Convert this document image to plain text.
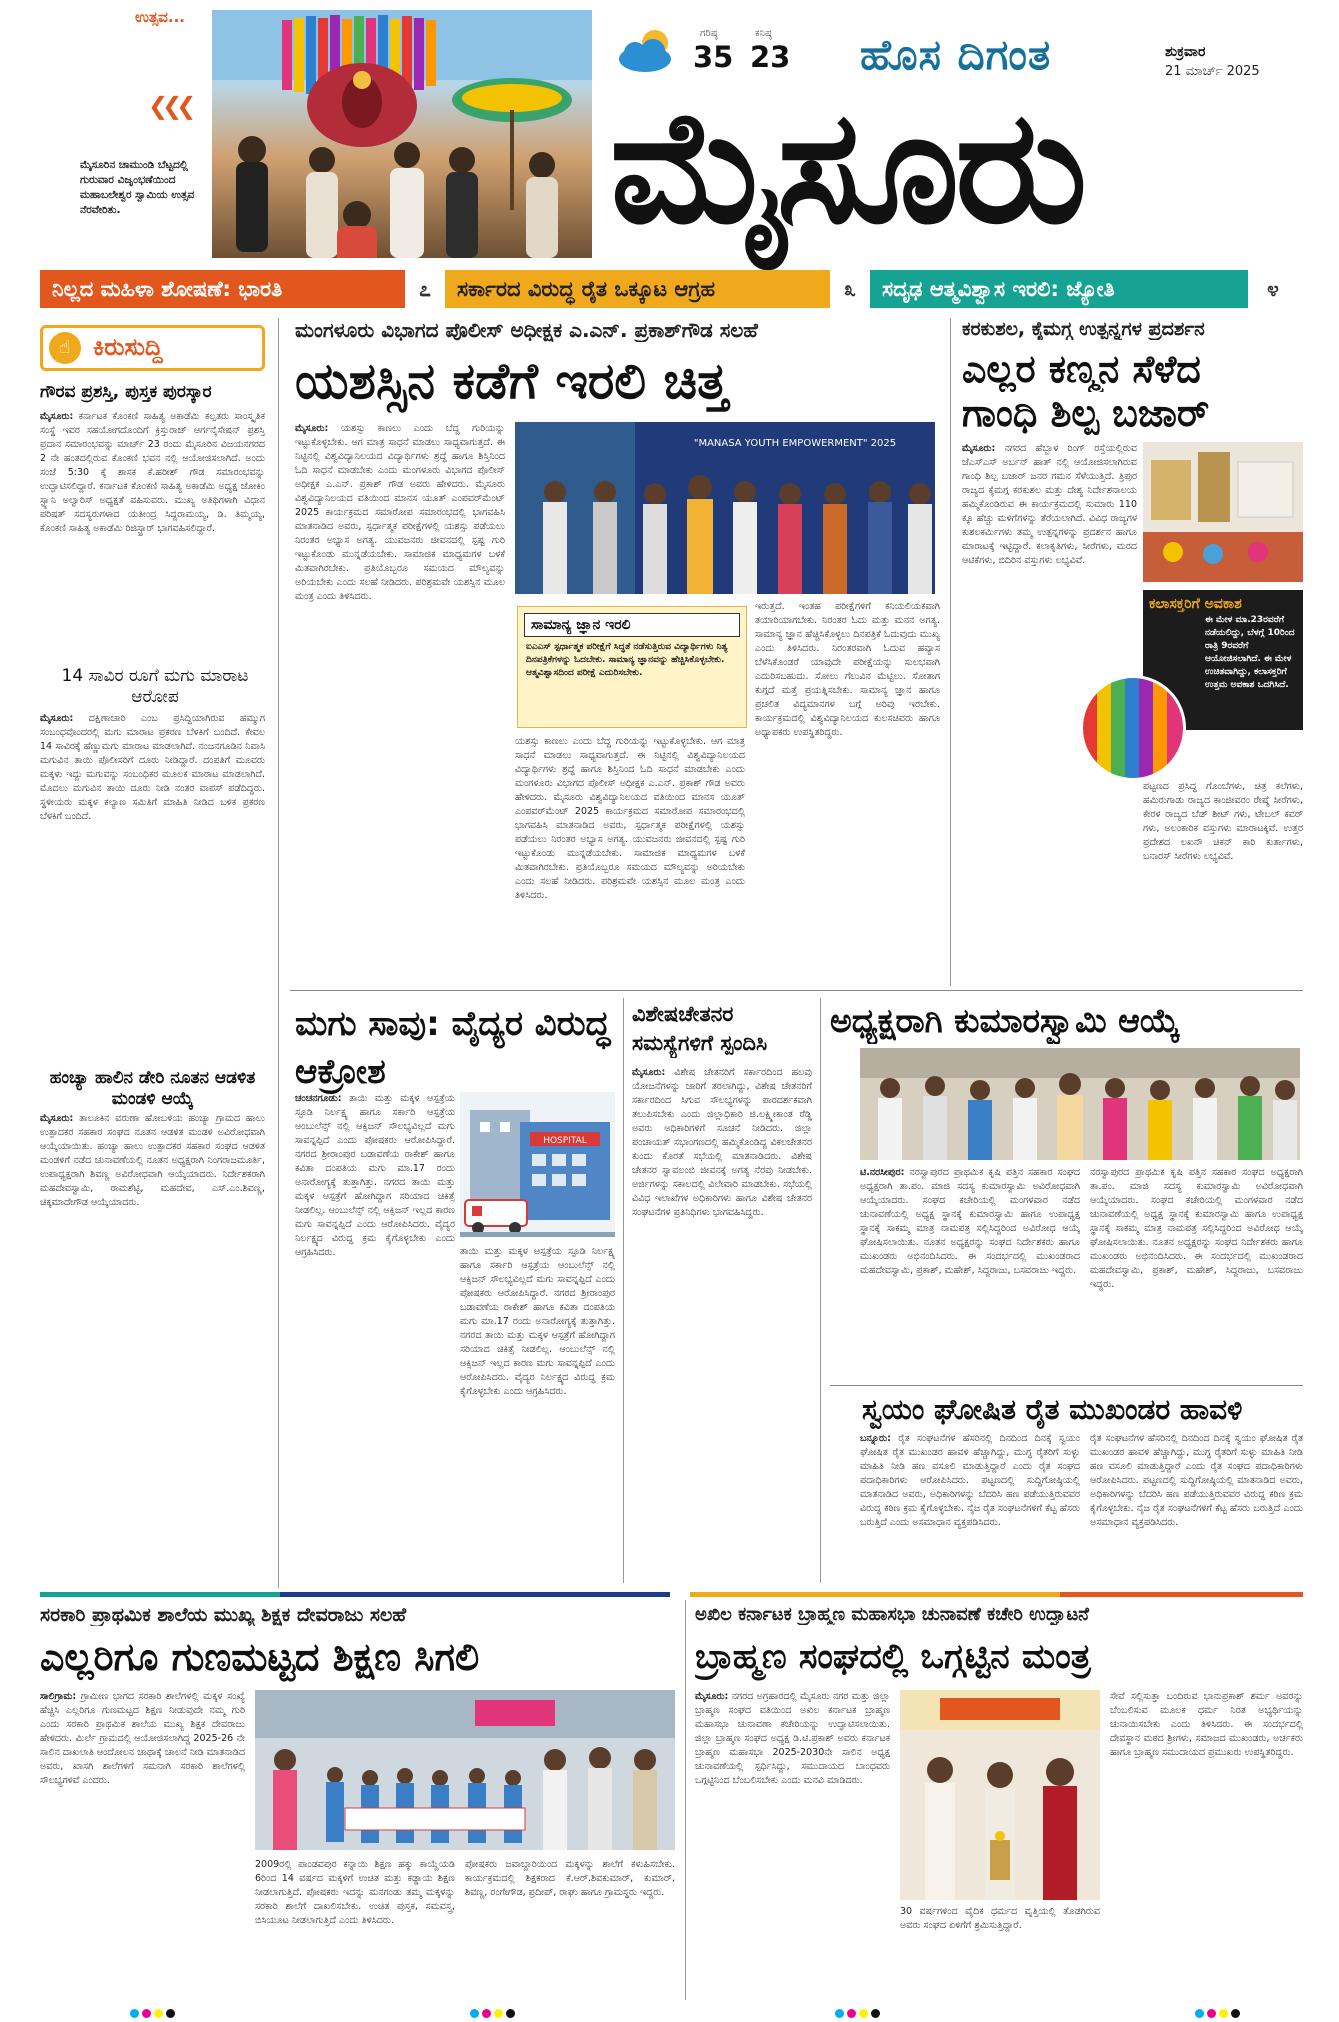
ಉತ್ಸವ...
❮❮❮
ಮೈಸೂರಿನ ಚಾಮುಂಡಿ ಬೆಟ್ಟದಲ್ಲಿ ಗುರುವಾರ ವಿಜೃಂಭಣೆಯಿಂದ ಮಹಾಬಲೇಶ್ವರ ಸ್ವಾಮಿಯ ಉತ್ಸವ ನೆರವೇರಿತು.
ಗರಿಷ್ಠ
35
ಕನಿಷ್ಠ
23 ಹೊಸ ದಿಗಂತ	ಶುಕ್ರವಾರ
21 ಮಾರ್ಚ್ 2025
ಮೈಸೂರು
ನಿಲ್ಲದ ಮಹಿಳಾ ಶೋಷಣೆ: ಭಾರತಿ	೭	ಸರ್ಕಾರದ ವಿರುದ್ಧ ರೈತ ಒಕ್ಕೂಟ ಆಗ್ರಹ	೩	ಸದೃಢ ಆತ್ಮವಿಶ್ವಾಸ ಇರಲಿ: ಜ್ಯೋತಿ	೪
☝ ಕಿರುಸುದ್ದಿ
ಗೌರವ ಪ್ರಶಸ್ತಿ, ಪುಸ್ತಕ ಪುರಸ್ಕಾರ
ಮೈಸೂರು: ಕರ್ನಾಟಕ ಕೊಂಕಣಿ ಸಾಹಿತ್ಯ ಅಕಾಡೆಮಿ ಕಲ್ಪತರು ಸಾಂಸ್ಕೃತಿಕ ಸಂಸ್ಥೆ ಇವರ ಸಹಯೋಗದೊಂದಿಗೆ ಕ್ರಿಸ್ತುರಾಜ್ ಆರ್ಗನೈಸೇಷನ್ ಪ್ರಶಸ್ತಿ ಪ್ರದಾನ ಸಮಾರಂಭವನ್ನು ಮಾರ್ಚ್ 23 ರಂದು ಮೈಸೂರಿನ ವಿಜಯನಗರದ 2 ನೇ ಹಂತದಲ್ಲಿರುವ ಕೊಂಕಣಿ ಭವನ ನಲ್ಲಿ ಆಯೋಜಿಸಲಾಗಿದೆ. ಅಂದು ಸಂಜೆ 5:30 ಕ್ಕೆ ಶಾಸಕ ಕೆ.ಹರೀಶ್ ಗೌಡ ಸಮಾರಂಭವನ್ನು ಉದ್ಘಾಟಿಸಲಿದ್ದಾರೆ. ಕರ್ನಾಟಕ ಕೊಂಕಣಿ ಸಾಹಿತ್ಯ ಅಕಾಡೆಮಿ ಅಧ್ಯಕ್ಷ ಜೋಕಿಂ ಸ್ಟ್ಯಾನಿ ಅಲ್ವಾರಿಸ್ ಅಧ್ಯಕ್ಷತೆ ವಹಿಸುವರು. ಮುಖ್ಯ ಅತಿಥಿಗಳಾಗಿ ವಿಧಾನ ಪರಿಷತ್ ಸದಸ್ಯರುಗಳಾದ ಯತೀಂದ್ರ ಸಿದ್ದರಾಮಯ್ಯ, ಡಿ. ತಿಮ್ಮಯ್ಯ, ಕೊಂಕಣಿ ಸಾಹಿತ್ಯ ಅಕಾಡೆಮಿ ರಿಜಿಸ್ಟ್ರಾರ್ ಭಾಗವಹಿಸಲಿದ್ದಾರೆ.
14 ಸಾವಿರ ರೂಗೆ ಮಗು ಮಾರಾಟ ಆರೋಪ
ಮೈಸೂರು: ದಕ್ಷಿಣಾಚಾರಿ ಎಂಬ ಪ್ರಸಿದ್ಧಿಯಾಗಿರುವ ಹಮ್ಮುಗ ಸಂಬಂಧವೊಂದರಲ್ಲಿ ಮಗು ಮಾರಾಟ ಪ್ರಕರಣ ಬೆಳಕಿಗೆ ಬಂದಿದೆ. ಕೇವಲ 14 ಸಾವಿರಕ್ಕೆ ಹೆಣ್ಣುಮಗು ಮಾರಾಟ ಮಾಡಲಾಗಿದೆ. ನಂಜನಗೂಡಿನ ನಿವಾಸಿ ಮಗುವಿನ ತಾಯಿ ಪೊಲೀಸರಿಗೆ ದೂರು ನೀಡಿದ್ದಾರೆ. ದಂಪತಿಗೆ ಮೂವರು ಮಕ್ಕಳು ಇದ್ದು ಮಗುವನ್ನು ಸಂಬಂಧಿಕರ ಮೂಲಕ ಮಾರಾಟ ಮಾಡಲಾಗಿದೆ. ಮೊದಲು ಮಗುವಿನ ತಾಯಿ ದೂರು ನೀಡಿ ನಂತರ ವಾಪಸ್ ಪಡೆದಿದ್ದರು. ಸ್ಥಳೀಯರು ಮಕ್ಕಳ ಕಲ್ಯಾಣ ಸಮಿತಿಗೆ ಮಾಹಿತಿ ನೀಡಿದ ಬಳಿಕ ಪ್ರಕರಣ ಬೆಳಕಿಗೆ ಬಂದಿದೆ.
ಹಂಚ್ಯಾ ಹಾಲಿನ ಡೇರಿ ನೂತನ ಆಡಳಿತ ಮಂಡಳಿ ಆಯ್ಕೆ
ಮೈಸೂರು: ತಾಲೂಕಿನ ವರುಣಾ ಹೋಬಳಿಯ ಹಂಚ್ಯಾ ಗ್ರಾಮದ ಹಾಲು ಉತ್ಪಾದಕರ ಸಹಕಾರ ಸಂಘದ ನೂತನ ಆಡಳಿತ ಮಂಡಳಿ ಅವಿರೋಧವಾಗಿ ಆಯ್ಕೆಯಾಯಿತು. ಹಂಚ್ಯಾ ಹಾಲು ಉತ್ಪಾದಕರ ಸಹಕಾರ ಸಂಘದ ಆಡಳಿತ ಮಂಡಳಿಗೆ ನಡೆದ ಚುನಾವಣೆಯಲ್ಲಿ ನೂತನ ಅಧ್ಯಕ್ಷರಾಗಿ ನಿಂಗರಾಜಮೂರ್ತಿ, ಉಪಾಧ್ಯಕ್ಷರಾಗಿ ಶಿವಣ್ಣ ಅವಿರೋಧವಾಗಿ ಆಯ್ಕೆಯಾದರು. ನಿರ್ದೇಶಕರಾಗಿ ಮಹದೇವಸ್ವಾಮಿ, ರಾಮಶೆಟ್ಟಿ, ಮಹದೇವ, ಎಸ್.ಎಂ.ಶಿವಣ್ಣ, ಚಿಕ್ಕಮಾದೇಗೌಡ ಆಯ್ಕೆಯಾದರು.
ಮಂಗಳೂರು ವಿಭಾಗದ ಪೊಲೀಸ್ ಅಧೀಕ್ಷಕ ಎ.ಎನ್. ಪ್ರಕಾಶ್‌ಗೌಡ ಸಲಹೆ
ಯಶಸ್ಸಿನ ಕಡೆಗೆ ಇರಲಿ ಚಿತ್ತ
ಮೈಸೂರು: ಯಶಸ್ಸು ಕಾಣಲು ಎಂದು ಬೆದ್ದ ಗುರಿಯನ್ನು ಇಟ್ಟುಕೊಳ್ಳಬೇಕು. ಆಗ ಮಾತ್ರ ಸಾಧನೆ ಮಾಡಲು ಸಾಧ್ಯವಾಗುತ್ತದೆ. ಈ ನಿಟ್ಟಿನಲ್ಲಿ ವಿಶ್ವವಿದ್ಯಾನಿಲಯದ ವಿದ್ಯಾರ್ಥಿಗಳು ಶ್ರದ್ಧೆ ಹಾಗೂ ಶಿಸ್ತಿನಿಂದ ಓದಿ ಸಾಧನೆ ಮಾಡಬೇಕು ಎಂದು ಮಂಗಳೂರು ವಿಭಾಗದ ಪೊಲೀಸ್ ಅಧೀಕ್ಷಕ ಎ.ಎನ್. ಪ್ರಕಾಶ್ ಗೌಡ ಅವರು ಹೇಳಿದರು. ಮೈಸೂರು ವಿಶ್ವವಿದ್ಯಾನಿಲಯದ ವತಿಯಿಂದ ಮಾನಸ ಯೂತ್ ಎಂಪವರ್‌ಮೆಂಟ್ 2025 ಕಾರ್ಯಕ್ರಮದ ಸಮಾರೋಪ ಸಮಾರಂಭದಲ್ಲಿ ಭಾಗವಹಿಸಿ ಮಾತನಾಡಿದ ಅವರು, ಸ್ಪರ್ಧಾತ್ಮಕ ಪರೀಕ್ಷೆಗಳಲ್ಲಿ ಯಶಸ್ಸು ಪಡೆಯಲು ನಿರಂತರ ಅಭ್ಯಾಸ ಅಗತ್ಯ. ಯುವಜನರು ಜೀವನದಲ್ಲಿ ಸ್ಪಷ್ಟ ಗುರಿ ಇಟ್ಟುಕೊಂಡು ಮುನ್ನಡೆಯಬೇಕು. ಸಾಮಾಜಿಕ ಮಾಧ್ಯಮಗಳ ಬಳಕೆ ಮಿತವಾಗಿರಬೇಕು. ಪ್ರತಿಯೊಬ್ಬರೂ ಸಮಯದ ಮೌಲ್ಯವನ್ನು ಅರಿಯಬೇಕು ಎಂದು ಸಲಹೆ ನೀಡಿದರು. ಪರಿಶ್ರಮವೇ ಯಶಸ್ಸಿನ ಮೂಲ ಮಂತ್ರ ಎಂದು ತಿಳಿಸಿದರು.
"MANASA YOUTH EMPOWERMENT" 2025
ಸಾಮಾನ್ಯ ಜ್ಞಾನ ಇರಲಿ
ಐಎಎಸ್ ಸ್ಪರ್ಧಾತ್ಮಕ ಪರೀಕ್ಷೆಗೆ ಸಿದ್ಧತೆ ನಡೆಸುತ್ತಿರುವ ವಿದ್ಯಾರ್ಥಿಗಳು ನಿತ್ಯ ದಿನಪತ್ರಿಕೆಗಳನ್ನು ಓದಬೇಕು. ಸಾಮಾನ್ಯ ಜ್ಞಾನವನ್ನು ಹೆಚ್ಚಿಸಿಕೊಳ್ಳಬೇಕು. ಆತ್ಮವಿಶ್ವಾಸದಿಂದ ಪರೀಕ್ಷೆ ಎದುರಿಸಬೇಕು.
ಯಶಸ್ಸು ಕಾಣಲು ಎಂದು ಬೆದ್ದ ಗುರಿಯನ್ನು ಇಟ್ಟುಕೊಳ್ಳಬೇಕು. ಆಗ ಮಾತ್ರ ಸಾಧನೆ ಮಾಡಲು ಸಾಧ್ಯವಾಗುತ್ತದೆ. ಈ ನಿಟ್ಟಿನಲ್ಲಿ ವಿಶ್ವವಿದ್ಯಾನಿಲಯದ ವಿದ್ಯಾರ್ಥಿಗಳು ಶ್ರದ್ಧೆ ಹಾಗೂ ಶಿಸ್ತಿನಿಂದ ಓದಿ ಸಾಧನೆ ಮಾಡಬೇಕು ಎಂದು ಮಂಗಳೂರು ವಿಭಾಗದ ಪೊಲೀಸ್ ಅಧೀಕ್ಷಕ ಎ.ಎನ್. ಪ್ರಕಾಶ್ ಗೌಡ ಅವರು ಹೇಳಿದರು. ಮೈಸೂರು ವಿಶ್ವವಿದ್ಯಾನಿಲಯದ ವತಿಯಿಂದ ಮಾನಸ ಯೂತ್ ಎಂಪವರ್‌ಮೆಂಟ್ 2025 ಕಾರ್ಯಕ್ರಮದ ಸಮಾರೋಪ ಸಮಾರಂಭದಲ್ಲಿ ಭಾಗವಹಿಸಿ ಮಾತನಾಡಿದ ಅವರು, ಸ್ಪರ್ಧಾತ್ಮಕ ಪರೀಕ್ಷೆಗಳಲ್ಲಿ ಯಶಸ್ಸು ಪಡೆಯಲು ನಿರಂತರ ಅಭ್ಯಾಸ ಅಗತ್ಯ. ಯುವಜನರು ಜೀವನದಲ್ಲಿ ಸ್ಪಷ್ಟ ಗುರಿ ಇಟ್ಟುಕೊಂಡು ಮುನ್ನಡೆಯಬೇಕು. ಸಾಮಾಜಿಕ ಮಾಧ್ಯಮಗಳ ಬಳಕೆ ಮಿತವಾಗಿರಬೇಕು. ಪ್ರತಿಯೊಬ್ಬರೂ ಸಮಯದ ಮೌಲ್ಯವನ್ನು ಅರಿಯಬೇಕು ಎಂದು ಸಲಹೆ ನೀಡಿದರು. ಪರಿಶ್ರಮವೇ ಯಶಸ್ಸಿನ ಮೂಲ ಮಂತ್ರ ಎಂದು ತಿಳಿಸಿದರು.
ಇರುತ್ತದೆ. ಇಂತಹ ಪರೀಕ್ಷೆಗಳಿಗೆ ಕನಿಯಲಿಯಕವಾಗಿ ತಯಾರಿಯಾಗಬೇಕು. ನಿರಂತರ ಓದು ಮತ್ತು ಮನನ ಅಗತ್ಯ. ಸಾಮಾನ್ಯ ಜ್ಞಾನ ಹೆಚ್ಚಿಸಿಕೊಳ್ಳಲು ದಿನಪತ್ರಿಕೆ ಓದುವುದು ಮುಖ್ಯ ಎಂದು ತಿಳಿಸಿದರು. ನಿರಂತರವಾಗಿ ಓದುವ ಹವ್ಯಾಸ ಬೆಳೆಸಿಕೊಂಡರೆ ಯಾವುದೇ ಪರೀಕ್ಷೆಯನ್ನು ಸುಲಭವಾಗಿ ಎದುರಿಸಬಹುದು. ಸೋಲು ಗೆಲುವಿನ ಮೆಟ್ಟಿಲು. ಸೋತಾಗ ಕುಗ್ಗದೆ ಮತ್ತೆ ಪ್ರಯತ್ನಿಸಬೇಕು. ಸಾಮಾನ್ಯ ಜ್ಞಾನ ಹಾಗೂ ಪ್ರಚಲಿತ ವಿದ್ಯಮಾನಗಳ ಬಗ್ಗೆ ಅರಿವು ಇರಬೇಕು. ಕಾರ್ಯಕ್ರಮದಲ್ಲಿ ವಿಶ್ವವಿದ್ಯಾನಿಲಯದ ಕುಲಸಚಿವರು ಹಾಗೂ ಅಧ್ಯಾಪಕರು ಉಪಸ್ಥಿತರಿದ್ದರು.
ಕರಕುಶಲ, ಕೈಮಗ್ಗ ಉತ್ಪನ್ನಗಳ ಪ್ರದರ್ಶನ
ಎಲ್ಲರ ಕಣ್ಮನ ಸೆಳೆದ
ಗಾಂಧಿ ಶಿಲ್ಪ ಬಜಾರ್
ಮೈಸೂರು: ನಗರದ ಹೆಬ್ಬಾಳ ರಿಂಗ್ ರಸ್ತೆಯಲ್ಲಿರುವ ಜೆಎಸ್‌ಎಸ್ ಅರ್ಬನ್ ಹಾತ್ ನಲ್ಲಿ ಆಯೋಜಿಸಲಾಗಿರುವ ಗಾಂಧಿ ಶಿಲ್ಪ ಬಜಾರ್ ಜನರ ಗಮನ ಸೆಳೆಯುತ್ತಿದೆ. ತ್ರಿಪುರ ರಾಜ್ಯದ ಕೈಮಗ್ಗ ಕರಕುಶಲ ಮತ್ತು ದೇಶ್ಯ ನಿರ್ದೇಶನಾಲಯ ಹಮ್ಮಿಕೊಂಡಿರುವ ಈ ಕಾರ್ಯಕ್ರಮದಲ್ಲಿ ಸುಮಾರು 110 ಕ್ಕೂ ಹೆಚ್ಚು ಮಳಿಗೆಗಳನ್ನು ತೆರೆಯಲಾಗಿದೆ. ವಿವಿಧ ರಾಜ್ಯಗಳ ಕುಶಲಕರ್ಮಿಗಳು ತಮ್ಮ ಉತ್ಪನ್ನಗಳನ್ನು ಪ್ರದರ್ಶನ ಹಾಗೂ ಮಾರಾಟಕ್ಕೆ ಇಟ್ಟಿದ್ದಾರೆ. ಕಲಾಕೃತಿಗಳು, ಸೀರೆಗಳು, ಮರದ ಆಟಿಕೆಗಳು, ಬಿದಿರಿನ ವಸ್ತುಗಳು ಲಭ್ಯವಿವೆ.
ಕಲಾಸಕ್ತರಿಗೆ ಅವಕಾಶ
ಈ ಮೇಳ ಮಾ.23ರವರೆಗೆ ನಡೆಯಲಿದ್ದು, ಬೆಳಗ್ಗೆ 10ರಿಂದ ರಾತ್ರಿ 9ರವರೆಗೆ ಆಯೋಜಿಸಲಾಗಿದೆ. ಈ ಮೇಳ ಉಚಿತವಾಗಿದ್ದು, ಕಲಾಸಕ್ತರಿಗೆ ಉತ್ತಮ ಅವಕಾಶ ಒದಗಿಸಿದೆ.
ಪಟ್ಟಣದ ಪ್ರಸಿದ್ಧ ಗೊಂಬೆಗಳು, ಚಿತ್ರ ಕಲೆಗಳು, ಹಮಿರುಗಾಡು ರಾಜ್ಯದ ಕಾಂಜೀವರಂ ರೇಷ್ಮೆ ಸೀರೆಗಳು, ಕೇರಳ ರಾಜ್ಯದ ಬೆಡ್ ಶೀಟ್ ಗಳು, ಟೇಬಲ್ ಕವರ್ ಗಳು, ಅಲಂಕಾರಿಕ ವಸ್ತುಗಳು ಮಾರಾಟಕ್ಕಿವೆ. ಉತ್ತರ ಪ್ರದೇಶದ ಲಖನೌ ಚಿಕನ್ ಕಾರಿ ಕುರ್ತಾಗಳು, ಬನಾರಸ್ ಸೀರೆಗಳು ಲಭ್ಯವಿವೆ.
ಮಗು ಸಾವು: ವೈದ್ಯರ ವಿರುದ್ಧ ಆಕ್ರೋಶ
ಚಂಚನಗೂಡು: ತಾಯಿ ಮತ್ತು ಮಕ್ಕಳ ಆಸ್ಪತ್ರೆಯ ಸ್ಪೂಡಿ ನಿರ್ಲಕ್ಷ್ಯ ಹಾಗೂ ಸರ್ಕಾರಿ ಆಸ್ಪತ್ರೆಯ ಆಂಬುಲೆನ್ಸ್ ನಲ್ಲಿ ಆಕ್ಸಿಜನ್ ಸೌಲಭ್ಯವಿಲ್ಲದೆ ಮಗು ಸಾವನ್ನಪ್ಪಿದೆ ಎಂದು ಪೋಷಕರು ಆರೋಪಿಸಿದ್ದಾರೆ. ನಗರದ ಶ್ರೀರಾಂಪುರ ಬಡಾವಣೆಯ ರಾಕೇಶ್ ಹಾಗೂ ಕವಿತಾ ದಂಪತಿಯ ಮಗು ಮಾ.17 ರಂದು ಅನಾರೋಗ್ಯಕ್ಕೆ ತುತ್ತಾಗಿತ್ತು. ನಗರದ ತಾಯಿ ಮತ್ತು ಮಕ್ಕಳ ಆಸ್ಪತ್ರೆಗೆ ಹೋಗಿದ್ದಾಗ ಸರಿಯಾದ ಚಿಕಿತ್ಸೆ ನೀಡಲಿಲ್ಲ. ಆಂಬುಲೆನ್ಸ್ ನಲ್ಲಿ ಆಕ್ಸಿಜನ್ ಇಲ್ಲದ ಕಾರಣ ಮಗು ಸಾವನ್ನಪ್ಪಿದೆ ಎಂದು ಆರೋಪಿಸಿದರು. ವೈದ್ಯರ ನಿರ್ಲಕ್ಷ್ಯದ ವಿರುದ್ಧ ಕ್ರಮ ಕೈಗೊಳ್ಳಬೇಕು ಎಂದು ಆಗ್ರಹಿಸಿದರು.
HOSPITAL
ತಾಯಿ ಮತ್ತು ಮಕ್ಕಳ ಆಸ್ಪತ್ರೆಯ ಸ್ಪೂಡಿ ನಿರ್ಲಕ್ಷ್ಯ ಹಾಗೂ ಸರ್ಕಾರಿ ಆಸ್ಪತ್ರೆಯ ಆಂಬುಲೆನ್ಸ್ ನಲ್ಲಿ ಆಕ್ಸಿಜನ್ ಸೌಲಭ್ಯವಿಲ್ಲದೆ ಮಗು ಸಾವನ್ನಪ್ಪಿದೆ ಎಂದು ಪೋಷಕರು ಆರೋಪಿಸಿದ್ದಾರೆ. ನಗರದ ಶ್ರೀರಾಂಪುರ ಬಡಾವಣೆಯ ರಾಕೇಶ್ ಹಾಗೂ ಕವಿತಾ ದಂಪತಿಯ ಮಗು ಮಾ.17 ರಂದು ಅನಾರೋಗ್ಯಕ್ಕೆ ತುತ್ತಾಗಿತ್ತು. ನಗರದ ತಾಯಿ ಮತ್ತು ಮಕ್ಕಳ ಆಸ್ಪತ್ರೆಗೆ ಹೋಗಿದ್ದಾಗ ಸರಿಯಾದ ಚಿಕಿತ್ಸೆ ನೀಡಲಿಲ್ಲ. ಆಂಬುಲೆನ್ಸ್ ನಲ್ಲಿ ಆಕ್ಸಿಜನ್ ಇಲ್ಲದ ಕಾರಣ ಮಗು ಸಾವನ್ನಪ್ಪಿದೆ ಎಂದು ಆರೋಪಿಸಿದರು. ವೈದ್ಯರ ನಿರ್ಲಕ್ಷ್ಯದ ವಿರುದ್ಧ ಕ್ರಮ ಕೈಗೊಳ್ಳಬೇಕು ಎಂದು ಆಗ್ರಹಿಸಿದರು.
ವಿಶೇಷಚೇತನರ ಸಮಸ್ಯೆಗಳಿಗೆ ಸ್ಪಂದಿಸಿ
ಮೈಸೂರು: ವಿಶೇಷ ಚೇತನರಿಗೆ ಸರ್ಕಾರದಿಂದ ಹಲವು ಯೋಜನೆಗಳನ್ನು ಜಾರಿಗೆ ತರಲಾಗಿದ್ದು, ವಿಶೇಷ ಚೇತನರಿಗೆ ಸರ್ಕಾರದಿಂದ ಸಿಗುವ ಸೌಲಭ್ಯಗಳನ್ನು ಪಾರದರ್ಶಕವಾಗಿ ತಲುಪಿಸಬೇಕು ಎಂದು ಜಿಲ್ಲಾಧಿಕಾರಿ ಜಿ.ಲಕ್ಷ್ಮೀಕಾಂತ ರೆಡ್ಡಿ ಅವರು ಅಧಿಕಾರಿಗಳಿಗೆ ಸೂಚನೆ ನೀಡಿದರು. ಜಿಲ್ಲಾ ಪಂಚಾಯತ್ ಸಭಾಂಗಣದಲ್ಲಿ ಹಮ್ಮಿಕೊಂಡಿದ್ದ ವಿಕಲಚೇತನರ ಕುಂದು ಕೊರತೆ ಸಭೆಯಲ್ಲಿ ಮಾತನಾಡಿದರು. ವಿಶೇಷ ಚೇತನರ ಸ್ವಾವಲಂಬಿ ಜೀವನಕ್ಕೆ ಅಗತ್ಯ ನೆರವು ನೀಡಬೇಕು. ಅರ್ಜಿಗಳನ್ನು ಸಕಾಲದಲ್ಲಿ ವಿಲೇವಾರಿ ಮಾಡಬೇಕು. ಸಭೆಯಲ್ಲಿ ವಿವಿಧ ಇಲಾಖೆಗಳ ಅಧಿಕಾರಿಗಳು ಹಾಗೂ ವಿಶೇಷ ಚೇತನರ ಸಂಘಟನೆಗಳ ಪ್ರತಿನಿಧಿಗಳು ಭಾಗವಹಿಸಿದ್ದರು.
ಅಧ್ಯಕ್ಷರಾಗಿ ಕುಮಾರಸ್ವಾಮಿ ಆಯ್ಕೆ
ಟಿ.ನರಸೀಪುರ: ನರಸ್ವಾಪುರದ ಪ್ರಾಥಮಿಕ ಕೃಷಿ ಪತ್ತಿನ ಸಹಕಾರ ಸಂಘದ ಅಧ್ಯಕ್ಷರಾಗಿ ತಾ.ಪಂ. ಮಾಜಿ ಸದಸ್ಯ ಕುಮಾರಸ್ವಾಮಿ ಅವಿರೋಧವಾಗಿ ಆಯ್ಕೆಯಾದರು. ಸಂಘದ ಕಚೇರಿಯಲ್ಲಿ ಮಂಗಳವಾರ ನಡೆದ ಚುನಾವಣೆಯಲ್ಲಿ ಅಧ್ಯಕ್ಷ ಸ್ಥಾನಕ್ಕೆ ಕುಮಾರಸ್ವಾಮಿ ಹಾಗೂ ಉಪಾಧ್ಯಕ್ಷ ಸ್ಥಾನಕ್ಕೆ ಸಾಕಮ್ಮ ಮಾತ್ರ ನಾಮಪತ್ರ ಸಲ್ಲಿಸಿದ್ದರಿಂದ ಅವಿರೋಧ ಆಯ್ಕೆ ಘೋಷಿಸಲಾಯಿತು. ನೂತನ ಅಧ್ಯಕ್ಷರನ್ನು ಸಂಘದ ನಿರ್ದೇಶಕರು ಹಾಗೂ ಮುಖಂಡರು ಅಭಿನಂದಿಸಿದರು. ಈ ಸಂದರ್ಭದಲ್ಲಿ ಮುಖಂಡರಾದ ಮಹದೇವಸ್ವಾಮಿ, ಪ್ರಕಾಶ್, ಮಹೇಶ್, ಸಿದ್ದರಾಜು, ಬಸವರಾಜು ಇದ್ದರು.
ನರಸ್ವಾಪುರದ ಪ್ರಾಥಮಿಕ ಕೃಷಿ ಪತ್ತಿನ ಸಹಕಾರ ಸಂಘದ ಅಧ್ಯಕ್ಷರಾಗಿ ತಾ.ಪಂ. ಮಾಜಿ ಸದಸ್ಯ ಕುಮಾರಸ್ವಾಮಿ ಅವಿರೋಧವಾಗಿ ಆಯ್ಕೆಯಾದರು. ಸಂಘದ ಕಚೇರಿಯಲ್ಲಿ ಮಂಗಳವಾರ ನಡೆದ ಚುನಾವಣೆಯಲ್ಲಿ ಅಧ್ಯಕ್ಷ ಸ್ಥಾನಕ್ಕೆ ಕುಮಾರಸ್ವಾಮಿ ಹಾಗೂ ಉಪಾಧ್ಯಕ್ಷ ಸ್ಥಾನಕ್ಕೆ ಸಾಕಮ್ಮ ಮಾತ್ರ ನಾಮಪತ್ರ ಸಲ್ಲಿಸಿದ್ದರಿಂದ ಅವಿರೋಧ ಆಯ್ಕೆ ಘೋಷಿಸಲಾಯಿತು. ನೂತನ ಅಧ್ಯಕ್ಷರನ್ನು ಸಂಘದ ನಿರ್ದೇಶಕರು ಹಾಗೂ ಮುಖಂಡರು ಅಭಿನಂದಿಸಿದರು. ಈ ಸಂದರ್ಭದಲ್ಲಿ ಮುಖಂಡರಾದ ಮಹದೇವಸ್ವಾಮಿ, ಪ್ರಕಾಶ್, ಮಹೇಶ್, ಸಿದ್ದರಾಜು, ಬಸವರಾಜು ಇದ್ದರು.
ಸ್ವಯಂ ಘೋಷಿತ ರೈತ ಮುಖಂಡರ ಹಾವಳಿ
ಬನ್ನೂರು: ರೈತ ಸಂಘಟನೆಗಳ ಹೆಸರಿನಲ್ಲಿ ದಿನದಿಂದ ದಿನಕ್ಕೆ ಸ್ವಯಂ ಘೋಷಿತ ರೈತ ಮುಖಂಡರ ಹಾವಳಿ ಹೆಚ್ಚಾಗಿದ್ದು, ಮುಗ್ಧ ರೈತರಿಗೆ ಸುಳ್ಳು ಮಾಹಿತಿ ನೀಡಿ ಹಣ ವಸೂಲಿ ಮಾಡುತ್ತಿದ್ದಾರೆ ಎಂದು ರೈತ ಸಂಘದ ಪದಾಧಿಕಾರಿಗಳು ಆರೋಪಿಸಿದರು. ಪಟ್ಟಣದಲ್ಲಿ ಸುದ್ದಿಗೋಷ್ಠಿಯಲ್ಲಿ ಮಾತನಾಡಿದ ಅವರು, ಅಧಿಕಾರಿಗಳನ್ನು ಬೆದರಿಸಿ ಹಣ ಪಡೆಯುತ್ತಿರುವವರ ವಿರುದ್ಧ ಕಠಿಣ ಕ್ರಮ ಕೈಗೊಳ್ಳಬೇಕು. ನೈಜ ರೈತ ಸಂಘಟನೆಗಳಿಗೆ ಕೆಟ್ಟ ಹೆಸರು ಬರುತ್ತಿದೆ ಎಂದು ಅಸಮಾಧಾನ ವ್ಯಕ್ತಪಡಿಸಿದರು.
ರೈತ ಸಂಘಟನೆಗಳ ಹೆಸರಿನಲ್ಲಿ ದಿನದಿಂದ ದಿನಕ್ಕೆ ಸ್ವಯಂ ಘೋಷಿತ ರೈತ ಮುಖಂಡರ ಹಾವಳಿ ಹೆಚ್ಚಾಗಿದ್ದು, ಮುಗ್ಧ ರೈತರಿಗೆ ಸುಳ್ಳು ಮಾಹಿತಿ ನೀಡಿ ಹಣ ವಸೂಲಿ ಮಾಡುತ್ತಿದ್ದಾರೆ ಎಂದು ರೈತ ಸಂಘದ ಪದಾಧಿಕಾರಿಗಳು ಆರೋಪಿಸಿದರು. ಪಟ್ಟಣದಲ್ಲಿ ಸುದ್ದಿಗೋಷ್ಠಿಯಲ್ಲಿ ಮಾತನಾಡಿದ ಅವರು, ಅಧಿಕಾರಿಗಳನ್ನು ಬೆದರಿಸಿ ಹಣ ಪಡೆಯುತ್ತಿರುವವರ ವಿರುದ್ಧ ಕಠಿಣ ಕ್ರಮ ಕೈಗೊಳ್ಳಬೇಕು. ನೈಜ ರೈತ ಸಂಘಟನೆಗಳಿಗೆ ಕೆಟ್ಟ ಹೆಸರು ಬರುತ್ತಿದೆ ಎಂದು ಅಸಮಾಧಾನ ವ್ಯಕ್ತಪಡಿಸಿದರು.
ಸರಕಾರಿ ಪ್ರಾಥಮಿಕ ಶಾಲೆಯ ಮುಖ್ಯ ಶಿಕ್ಷಕ ದೇವರಾಜು ಸಲಹೆ
ಎಲ್ಲರಿಗೂ ಗುಣಮಟ್ಟದ ಶಿಕ್ಷಣ ಸಿಗಲಿ
ಸಾಲಿಗ್ರಾಮ: ಗ್ರಾಮೀಣ ಭಾಗದ ಸರಕಾರಿ ಶಾಲೆಗಳಲ್ಲಿ ಮಕ್ಕಳ ಸಂಖ್ಯೆ ಹೆಚ್ಚಿಸಿ ಎಲ್ಲರಿಗೂ ಗುಣಮಟ್ಟದ ಶಿಕ್ಷಣ ನೀಡುವುದೇ ನಮ್ಮ ಗುರಿ ಎಂದು ಸರಕಾರಿ ಪ್ರಾಥಮಿಕ ಶಾಲೆಯ ಮುಖ್ಯ ಶಿಕ್ಷಕ ದೇವರಾಜು ಹೇಳಿದರು. ಮಿರ್ಲೆ ಗ್ರಾಮದಲ್ಲಿ ಆಯೋಜಿಸಲಾಗಿದ್ದ 2025-26 ನೇ ಸಾಲಿನ ದಾಖಲಾತಿ ಆಂದೋಲನ ಜಾಥಾಕ್ಕೆ ಚಾಲನೆ ನೀಡಿ ಮಾತನಾಡಿದ ಅವರು, ಖಾಸಗಿ ಶಾಲೆಗಳಿಗೆ ಸಮನಾಗಿ ಸರಕಾರಿ ಶಾಲೆಗಳಲ್ಲಿ ಸೌಲಭ್ಯಗಳಿವೆ ಎಂದರು.
2009ರಲ್ಲಿ ಪಾಂಡವಪುರ ಕನ್ನಾಯಿ ಶಿಕ್ಷಣ ಹಕ್ಕು ಕಾಯ್ದೆಯಡಿ 6ರಿಂದ 14 ವರ್ಷದ ಮಕ್ಕಳಿಗೆ ಉಚಿತ ಮತ್ತು ಕಡ್ಡಾಯ ಶಿಕ್ಷಣ ನೀಡಲಾಗುತ್ತಿದೆ. ಪೋಷಕರು ಇದನ್ನು ಮನಗಂಡು ತಮ್ಮ ಮಕ್ಕಳನ್ನು ಸರಕಾರಿ ಶಾಲೆಗೆ ದಾಖಲಿಸಬೇಕು. ಉಚಿತ ಪುಸ್ತಕ, ಸಮವಸ್ತ್ರ, ಬಿಸಿಯೂಟ ನೀಡಲಾಗುತ್ತಿದೆ ಎಂದು ತಿಳಿಸಿದರು.
ಪೋಷಕರು ಜವಾಬ್ದಾರಿಯಿಂದ ಮಕ್ಕಳನ್ನು ಶಾಲೆಗೆ ಕಳುಹಿಸಬೇಕು. ಕಾರ್ಯಕ್ರಮದಲ್ಲಿ ಶಿಕ್ಷಕರಾದ ಕೆ.ಆರ್.ಶಿವಕುಮಾರ್, ಕುಮಾರ್, ಶಿವಣ್ಣ, ರಂಗೇಗೌಡ, ಪ್ರದೀಪ್, ರಾಘು ಹಾಗೂ ಗ್ರಾಮಸ್ಥರು ಇದ್ದರು.
ಅಖಿಲ ಕರ್ನಾಟಕ ಬ್ರಾಹ್ಮಣ ಮಹಾಸಭಾ ಚುನಾವಣೆ ಕಚೇರಿ ಉದ್ಘಾಟನೆ
ಬ್ರಾಹ್ಮಣ ಸಂಘದಲ್ಲಿ ಒಗ್ಗಟ್ಟಿನ ಮಂತ್ರ
ಮೈಸೂರು: ನಗರದ ಅಗ್ರಹಾರದಲ್ಲಿ ಮೈಸೂರು ನಗರ ಮತ್ತು ಜಿಲ್ಲಾ ಬ್ರಾಹ್ಮಣ ಸಂಘದ ವತಿಯಿಂದ ಅಖಿಲ ಕರ್ನಾಟಕ ಬ್ರಾಹ್ಮಣ ಮಹಾಸಭಾ ಚುನಾವಣಾ ಕಚೇರಿಯನ್ನು ಉದ್ಘಾಟಿಸಲಾಯಿತು. ಜಿಲ್ಲಾ ಬ್ರಾಹ್ಮಣ ಸಂಘದ ಅಧ್ಯಕ್ಷ ಡಿ.ಟಿ.ಪ್ರಕಾಶ್ ಅವರು ಕರ್ನಾಟಕ ಬ್ರಾಹ್ಮಣ ಮಹಾಸಭಾ 2025-2030ನೇ ಸಾಲಿನ ಅಧ್ಯಕ್ಷ ಚುನಾವಣೆಯಲ್ಲಿ ಸ್ಪರ್ಧಿಸಿದ್ದು, ಸಮುದಾಯದ ಬಾಂಧವರು ಒಗ್ಗಟ್ಟಿನಿಂದ ಬೆಂಬಲಿಸಬೇಕು ಎಂದು ಮನವಿ ಮಾಡಿದರು.
30 ವರ್ಷಗಳಿಂದ ವೈದಿಕ ಧರ್ಮದ ವೃತ್ತಿಯಲ್ಲಿ ತೊಡಗಿರುವ ಅವರು ಸಂಘದ ಏಳಿಗೆಗೆ ಶ್ರಮಿಸುತ್ತಿದ್ದಾರೆ.
ಸೇವೆ ಸಲ್ಲಿಸುತ್ತಾ ಬಂದಿರುವ ಭಾನುಪ್ರಕಾಶ್ ಶರ್ಮ ಅವರನ್ನು ಬೆಂಬಲಿಸುವ ಮೂಲಕ ಧರ್ಮ ನಿರತ ಅಭ್ಯರ್ಥಿಯನ್ನು ಚುನಾಯಿಸಬೇಕು ಎಂದು ತಿಳಿಸಿದರು. ಈ ಸಂದರ್ಭದಲ್ಲಿ ದೇವಸ್ಥಾನ ಮಠದ ಶ್ರೀಗಳು, ಸಮಾಜದ ಮುಖಂಡರು, ಅರ್ಚಕರು ಹಾಗೂ ಬ್ರಾಹ್ಮಣ ಸಮುದಾಯದ ಪ್ರಮುಖರು ಉಪಸ್ಥಿತರಿದ್ದರು.
